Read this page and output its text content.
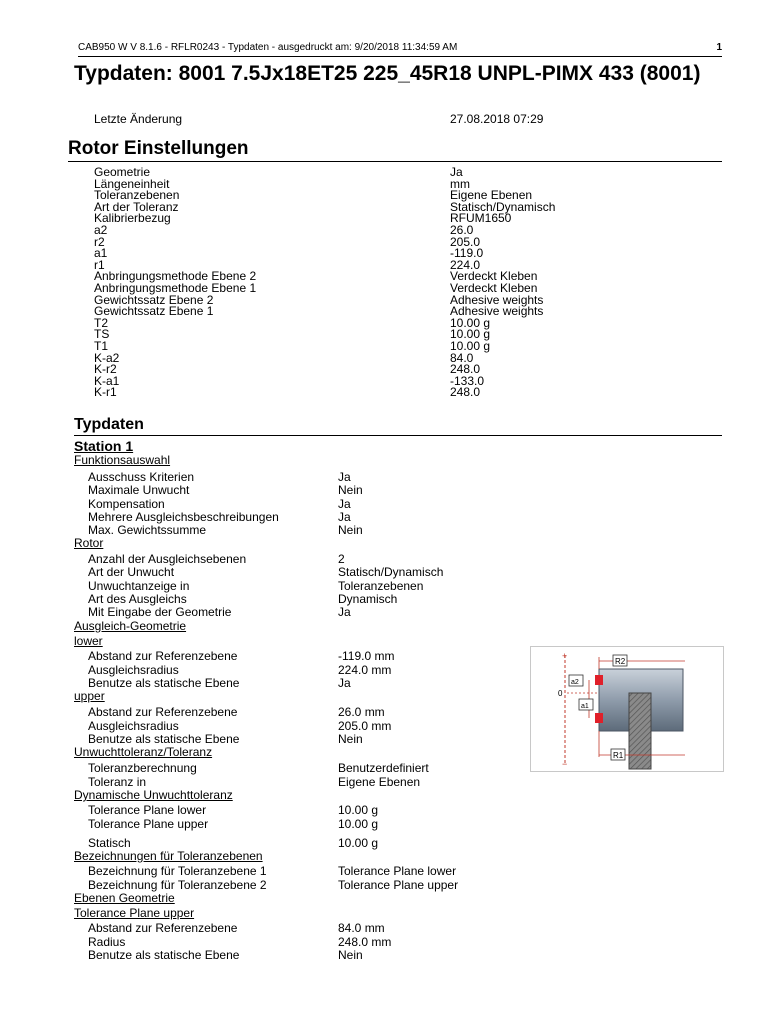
CAB950 W V 8.1.6 - RFLR0243 - Typdaten - ausgedruckt am: 9/20/2018 11:34:59 AM	1
Typdaten: 8001 7.5Jx18ET25 225_45R18 UNPL-PIMX 433 (8001)
Letzte Änderung	27.08.2018 07:29
Rotor Einstellungen
Geometrie	Ja
Längeneinheit	mm
Toleranzebenen	Eigene Ebenen
Art der Toleranz	Statisch/Dynamisch
Kalibrierbezug	RFUM1650
a2	26.0
r2	205.0
a1	-119.0
r1	224.0
Anbringungsmethode Ebene 2	Verdeckt Kleben
Anbringungsmethode Ebene 1	Verdeckt Kleben
Gewichtssatz Ebene 2	Adhesive weights
Gewichtssatz Ebene 1	Adhesive weights
T2	10.00 g
TS	10.00 g
T1	10.00 g
K-a2	84.0
K-r2	248.0
K-a1	-133.0
K-r1	248.0
Typdaten
Station 1
Funktionsauswahl
Ausschuss Kriterien	Ja
Maximale Unwucht	Nein
Kompensation	Ja
Mehrere Ausgleichsbeschreibungen	Ja
Max. Gewichtssumme	Nein
Rotor
Anzahl der Ausgleichsebenen	2
Art der Unwucht	Statisch/Dynamisch
Unwuchtanzeige in	Toleranzebenen
Art des Ausgleichs	Dynamisch
Mit Eingabe der Geometrie	Ja
Ausgleich-Geometrie
lower
Abstand zur Referenzebene	-119.0 mm
Ausgleichsradius	224.0 mm
Benutze als statische Ebene	Ja
upper
Abstand zur Referenzebene	26.0 mm
Ausgleichsradius	205.0 mm
Benutze als statische Ebene	Nein
Unwuchttoleranz/Toleranz
Toleranzberechnung	Benutzerdefiniert
Toleranz in	Eigene Ebenen
Dynamische Unwuchttoleranz
Tolerance Plane lower	10.00 g
Tolerance Plane upper	10.00 g
Statisch	10.00 g
Bezeichnungen für Toleranzebenen
Bezeichnung für Toleranzebene 1	Tolerance Plane lower
Bezeichnung für Toleranzebene 2	Tolerance Plane upper
Ebenen Geometrie
Tolerance Plane upper
Abstand zur Referenzebene	84.0 mm
Radius	248.0 mm
Benutze als statische Ebene	Nein
+
−
0
R2
R1
a2
a1
